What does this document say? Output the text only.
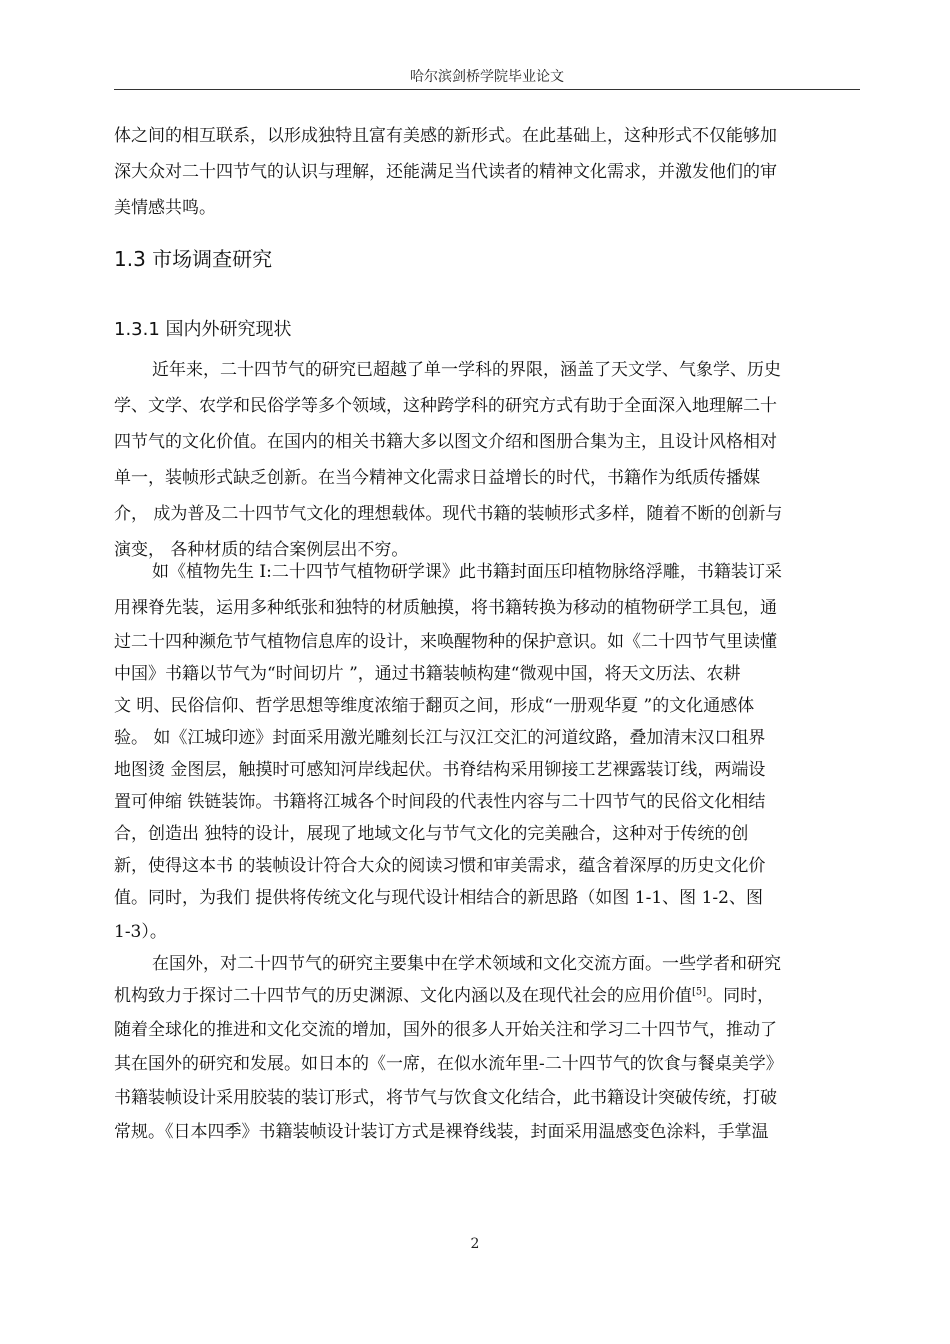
哈尔滨剑桥学院毕业论文
体之间的相互联系，以形成独特且富有美感的新形式。在此基础上，这种形式不仅能够加
深大众对二十四节气的认识与理解，还能满足当代读者的精神文化需求，并激发他们的审
美情感共鸣。
1.3 市场调查研究
1.3.1 国内外研究现状
近年来，二十四节气的研究已超越了单一学科的界限，涵盖了天文学、气象学、历史
学、文学、农学和民俗学等多个领域，这种跨学科的研究方式有助于全面深入地理解二十
四节气的文化价值。在国内的相关书籍大多以图文介绍和图册合集为主，且设计风格相对
单一，装帧形式缺乏创新。在当今精神文化需求日益增长的时代，书籍作为纸质传播媒
介， 成为普及二十四节气文化的理想载体。现代书籍的装帧形式多样，随着不断的创新与
演变， 各种材质的结合案例层出不穷。
如《植物先生 I:二十四节气植物研学课》此书籍封面压印植物脉络浮雕，书籍装订采
用裸脊先装，运用多种纸张和独特的材质触摸，将书籍转换为移动的植物研学工具包，通
过二十四种濒危节气植物信息库的设计，来唤醒物种的保护意识。如《二十四节气里读懂
中国》书籍以节气为“时间切片 ”，通过书籍装帧构建“微观中国，将天文历法、农耕
文 明、民俗信仰、哲学思想等维度浓缩于翻页之间，形成“一册观华夏 ”的文化通感体
验。 如《江城印迹》封面采用激光雕刻长江与汉江交汇的河道纹路，叠加清末汉口租界
地图烫 金图层，触摸时可感知河岸线起伏。书脊结构采用铆接工艺裸露装订线，两端设
置可伸缩 铁链装饰。书籍将江城各个时间段的代表性内容与二十四节气的民俗文化相结
合，创造出 独特的设计，展现了地域文化与节气文化的完美融合，这种对于传统的创
新，使得这本书 的装帧设计符合大众的阅读习惯和审美需求，蕴含着深厚的历史文化价
值。同时，为我们 提供将传统文化与现代设计相结合的新思路（如图 1-1、图 1-2、图
1-3）。
在国外，对二十四节气的研究主要集中在学术领域和文化交流方面。一些学者和研究
机构致力于探讨二十四节气的历史渊源、文化内涵以及在现代社会的应用价值[5]。同时，
随着全球化的推进和文化交流的增加，国外的很多人开始关注和学习二十四节气，推动了
其在国外的研究和发展。如日本的《一席，在似水流年里-二十四节气的饮食与餐桌美学》
书籍装帧设计采用胶装的装订形式，将节气与饮食文化结合，此书籍设计突破传统，打破
常规。《日本四季》书籍装帧设计装订方式是裸脊线装，封面采用温感变色涂料，手掌温
2
